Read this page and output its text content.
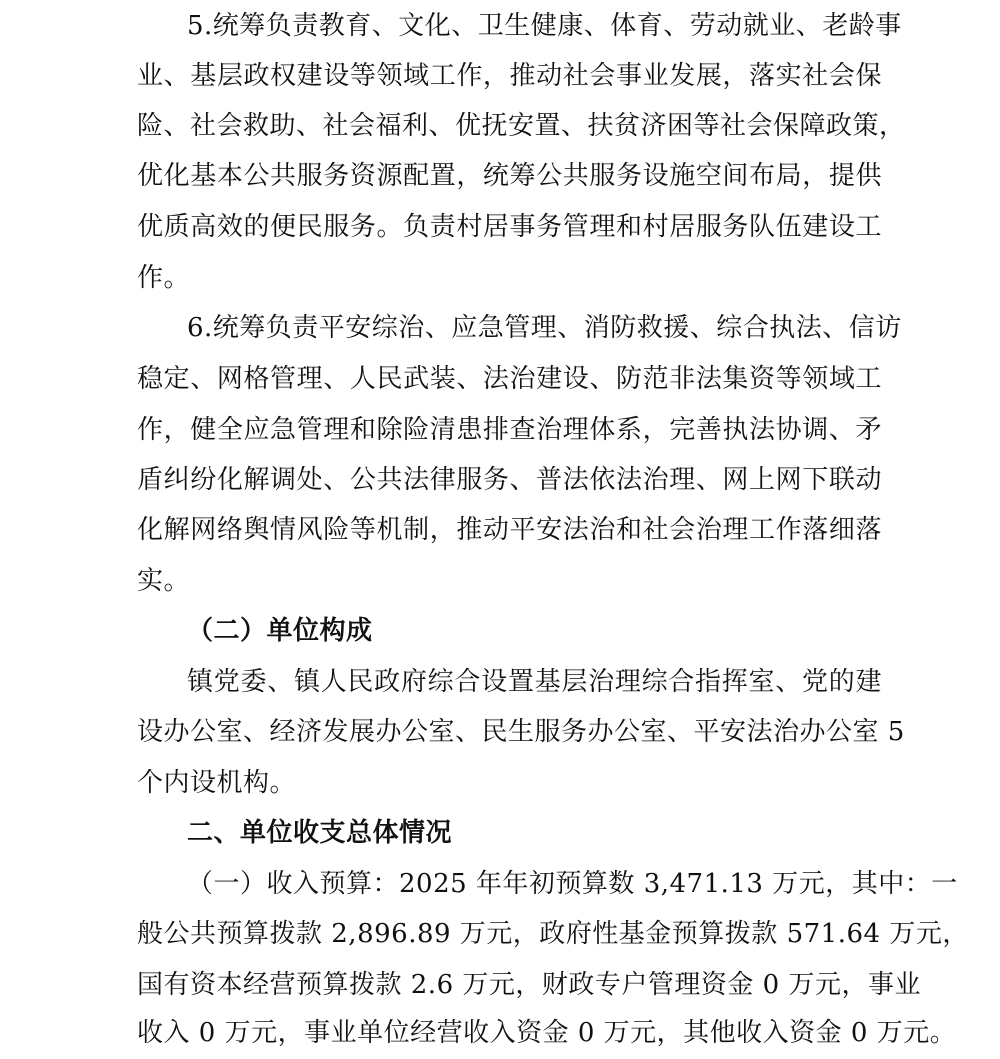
5.统筹负责教育、文化、卫生健康、体育、劳动就业、老龄事
业、基层政权建设等领域工作，推动社会事业发展，落实社会保
险、社会救助、社会福利、优抚安置、扶贫济困等社会保障政策，
优化基本公共服务资源配置，统筹公共服务设施空间布局，提供
优质高效的便民服务。负责村居事务管理和村居服务队伍建设工
作。
6.统筹负责平安综治、应急管理、消防救援、综合执法、信访
稳定、网格管理、人民武装、法治建设、防范非法集资等领域工
作，健全应急管理和除险清患排查治理体系，完善执法协调、矛
盾纠纷化解调处、公共法律服务、普法依法治理、网上网下联动
化解网络舆情风险等机制，推动平安法治和社会治理工作落细落
实。
（二）单位构成
镇党委、镇人民政府综合设置基层治理综合指挥室、党的建
设办公室、经济发展办公室、民生服务办公室、平安法治办公室 5
个内设机构。
二、单位收支总体情况
（一）收入预算：2025 年年初预算数 3,471.13 万元，其中：一
般公共预算拨款 2,896.89 万元，政府性基金预算拨款 571.64 万元，
国有资本经营预算拨款 2.6 万元，财政专户管理资金 0 万元，事业
收入 0 万元，事业单位经营收入资金 0 万元，其他收入资金 0 万元。
